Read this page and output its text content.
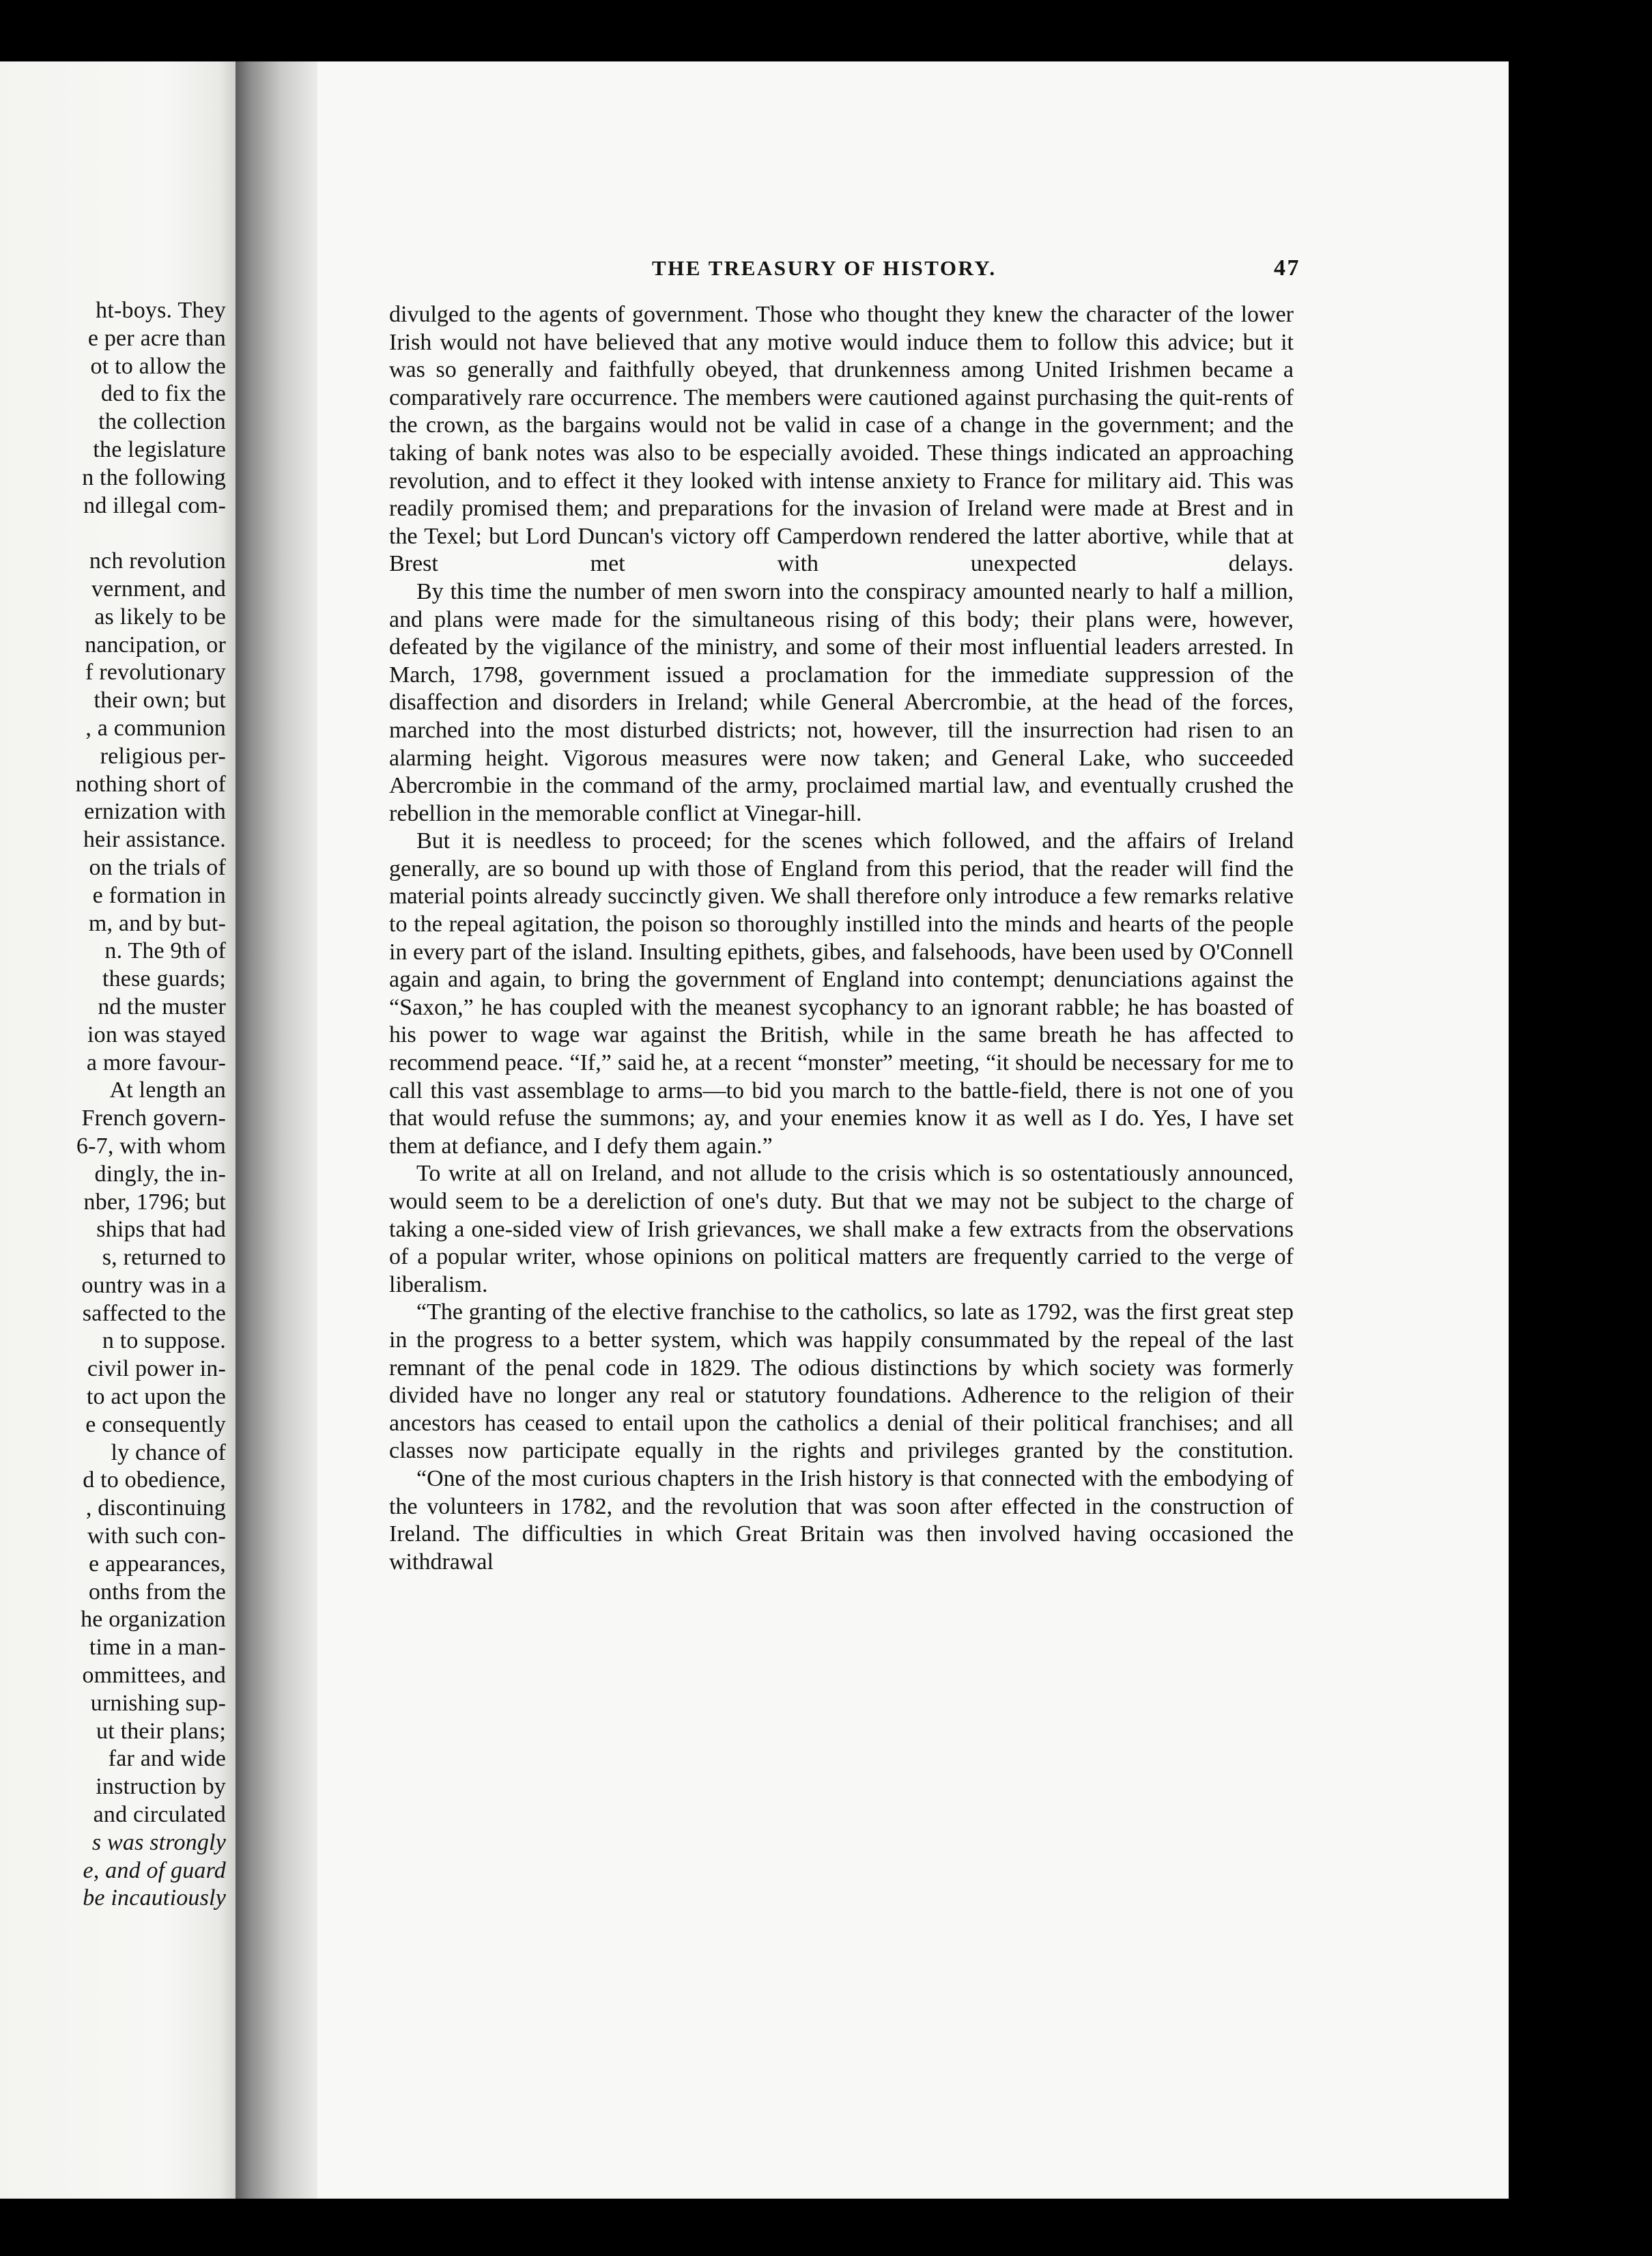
ht-boys. They
e per acre than
ot to allow the
ded to fix the
the collection
the legislature
n the following
nd illegal com-

nch revolution
vernment, and
as likely to be
nancipation, or
f revolutionary
their own; but
, a communion
religious per-
nothing short of
ernization with
heir assistance.
on the trials of
e formation in
m, and by but-
n. The 9th of
these guards;
nd the muster
ion was stayed
a more favour-
At length an
French govern-
6-7, with whom
dingly, the in-
nber, 1796; but
ships that had
s, returned to
ountry was in a
saffected to the
n to suppose.
civil power in-
to act upon the
e consequently
ly chance of
d to obedience,
, discontinuing
with such con-
e appearances,
onths from the
he organization
time in a man-
ommittees, and
urnishing sup-
ut their plans;
far and wide
instruction by
and circulated
s was strongly
e, and of guard
be incautiously
THE TREASURY OF HISTORY.	47

divulged to the agents of government. Those who thought they knew the character of the lower Irish would not have believed that any motive would induce them to follow this advice; but it was so generally and faithfully obeyed, that drunkenness among United Irishmen became a comparatively rare occurrence. The members were cautioned against purchasing the quit-rents of the crown, as the bargains would not be valid in case of a change in the government; and the taking of bank notes was also to be especially avoided. These things indicated an approaching revolution, and to effect it they looked with intense anxiety to France for military aid. This was readily promised them; and preparations for the invasion of Ireland were made at Brest and in the Texel; but Lord Duncan's victory off Camperdown rendered the latter abortive, while that at Brest met with unexpected delays.

By this time the number of men sworn into the conspiracy amounted nearly to half a million, and plans were made for the simultaneous rising of this body; their plans were, however, defeated by the vigilance of the ministry, and some of their most influential leaders arrested. In March, 1798, government issued a proclamation for the immediate suppression of the disaffection and disorders in Ireland; while General Abercrombie, at the head of the forces, marched into the most disturbed districts; not, however, till the insurrection had risen to an alarming height. Vigorous measures were now taken; and General Lake, who succeeded Abercrombie in the command of the army, proclaimed martial law, and eventually crushed the rebellion in the memorable conflict at Vinegar-hill.

But it is needless to proceed; for the scenes which followed, and the affairs of Ireland generally, are so bound up with those of England from this period, that the reader will find the material points already succinctly given. We shall therefore only introduce a few remarks relative to the repeal agitation, the poison so thoroughly instilled into the minds and hearts of the people in every part of the island. Insulting epithets, gibes, and falsehoods, have been used by O'Connell again and again, to bring the government of England into contempt; denunciations against the “Saxon,” he has coupled with the meanest sycophancy to an ignorant rabble; he has boasted of his power to wage war against the British, while in the same breath he has affected to recommend peace. “If,” said he, at a recent “monster” meeting, “it should be necessary for me to call this vast assemblage to arms—to bid you march to the battle-field, there is not one of you that would refuse the summons; ay, and your enemies know it as well as I do. Yes, I have set them at defiance, and I defy them again.”

To write at all on Ireland, and not allude to the crisis which is so ostentatiously announced, would seem to be a dereliction of one's duty. But that we may not be subject to the charge of taking a one-sided view of Irish grievances, we shall make a few extracts from the observations of a popular writer, whose opinions on political matters are frequently carried to the verge of liberalism.

“The granting of the elective franchise to the catholics, so late as 1792, was the first great step in the progress to a better system, which was happily consummated by the repeal of the last remnant of the penal code in 1829. The odious distinctions by which society was formerly divided have no longer any real or statutory foundations. Adherence to the religion of their ancestors has ceased to entail upon the catholics a denial of their political franchises; and all classes now participate equally in the rights and privileges granted by the constitution.

“One of the most curious chapters in the Irish history is that connected with the embodying of the volunteers in 1782, and the revolution that was soon after effected in the construction of Ireland. The difficulties in which Great Britain was then involved having occasioned the withdrawal
